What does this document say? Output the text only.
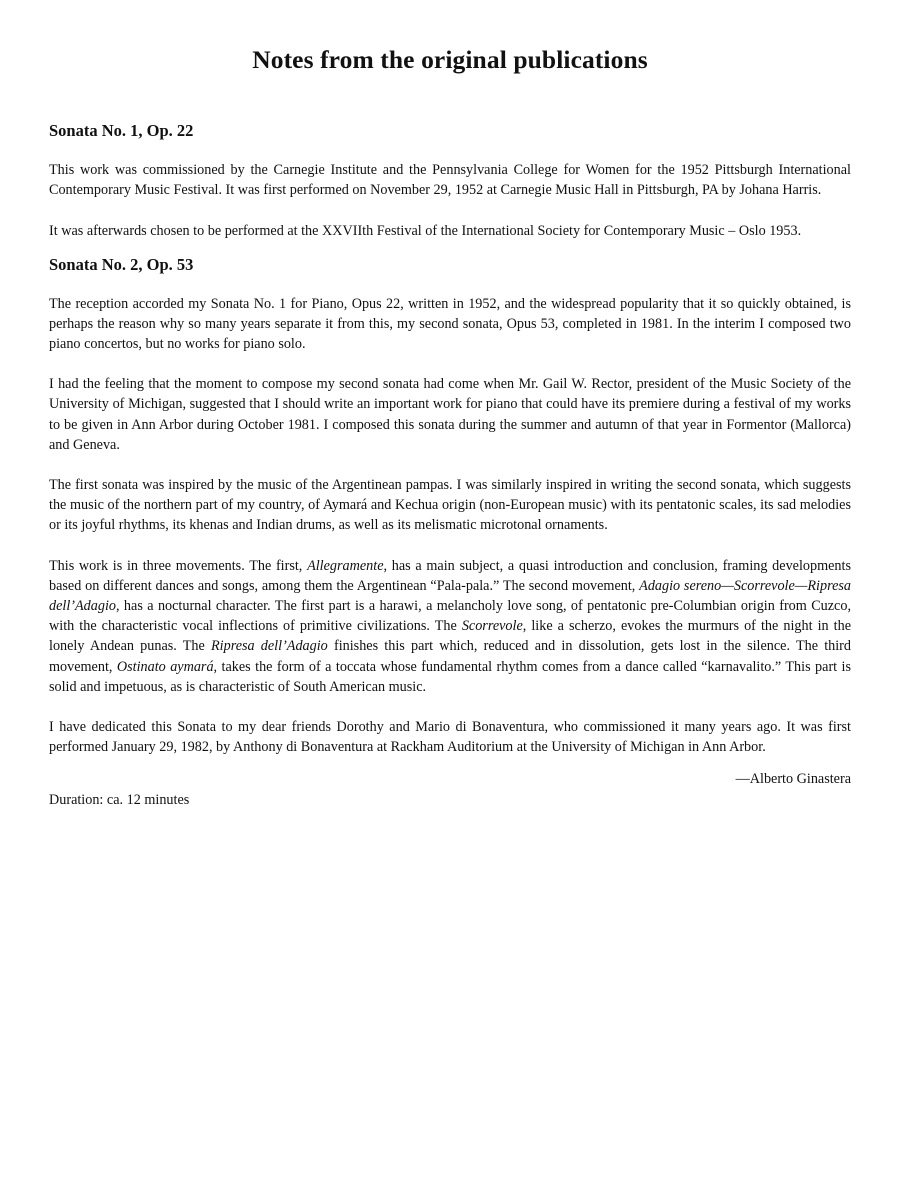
Notes from the original publications
Sonata No. 1, Op. 22

This work was commissioned by the Carnegie Institute and the Pennsylvania College for Women for the 1952 Pittsburgh International Contemporary Music Festival. It was first performed on November 29, 1952 at Carnegie Music Hall in Pittsburgh, PA by Johana Harris.

It was afterwards chosen to be performed at the XXVIIth Festival of the International Society for Contemporary Music – Oslo 1953.

Sonata No. 2, Op. 53

The reception accorded my Sonata No. 1 for Piano, Opus 22, written in 1952, and the widespread popularity that it so quickly obtained, is perhaps the reason why so many years separate it from this, my second sonata, Opus 53, completed in 1981. In the interim I composed two piano concertos, but no works for piano solo.

I had the feeling that the moment to compose my second sonata had come when Mr. Gail W. Rector, president of the Music Society of the University of Michigan, suggested that I should write an important work for piano that could have its premiere during a festival of my works to be given in Ann Arbor during October 1981. I composed this sonata during the summer and autumn of that year in Formentor (Mallorca) and Geneva.

The first sonata was inspired by the music of the Argentinean pampas. I was similarly inspired in writing the second sonata, which suggests the music of the northern part of my country, of Aymará and Kechua origin (non-European music) with its pentatonic scales, its sad melodies or its joyful rhythms, its khenas and Indian drums, as well as its melismatic microtonal ornaments.

This work is in three movements. The first, Allegramente, has a main subject, a quasi introduction and conclusion, framing developments based on different dances and songs, among them the Argentinean “Pala-pala.” The second movement, Adagio sereno—Scorrevole—Ripresa dell’Adagio, has a nocturnal character. The first part is a harawi, a melancholy love song, of pentatonic pre-Columbian origin from Cuzco, with the characteristic vocal inflections of primitive civilizations. The Scorrevole, like a scherzo, evokes the murmurs of the night in the lonely Andean punas. The Ripresa dell’Adagio finishes this part which, reduced and in dissolution, gets lost in the silence. The third movement, Ostinato aymará, takes the form of a toccata whose fundamental rhythm comes from a dance called “karnavalito.” This part is solid and impetuous, as is characteristic of South American music.

I have dedicated this Sonata to my dear friends Dorothy and Mario di Bonaventura, who commissioned it many years ago. It was first performed January 29, 1982, by Anthony di Bonaventura at Rackham Auditorium at the University of Michigan in Ann Arbor.

—Alberto Ginastera
Duration: ca. 12 minutes
